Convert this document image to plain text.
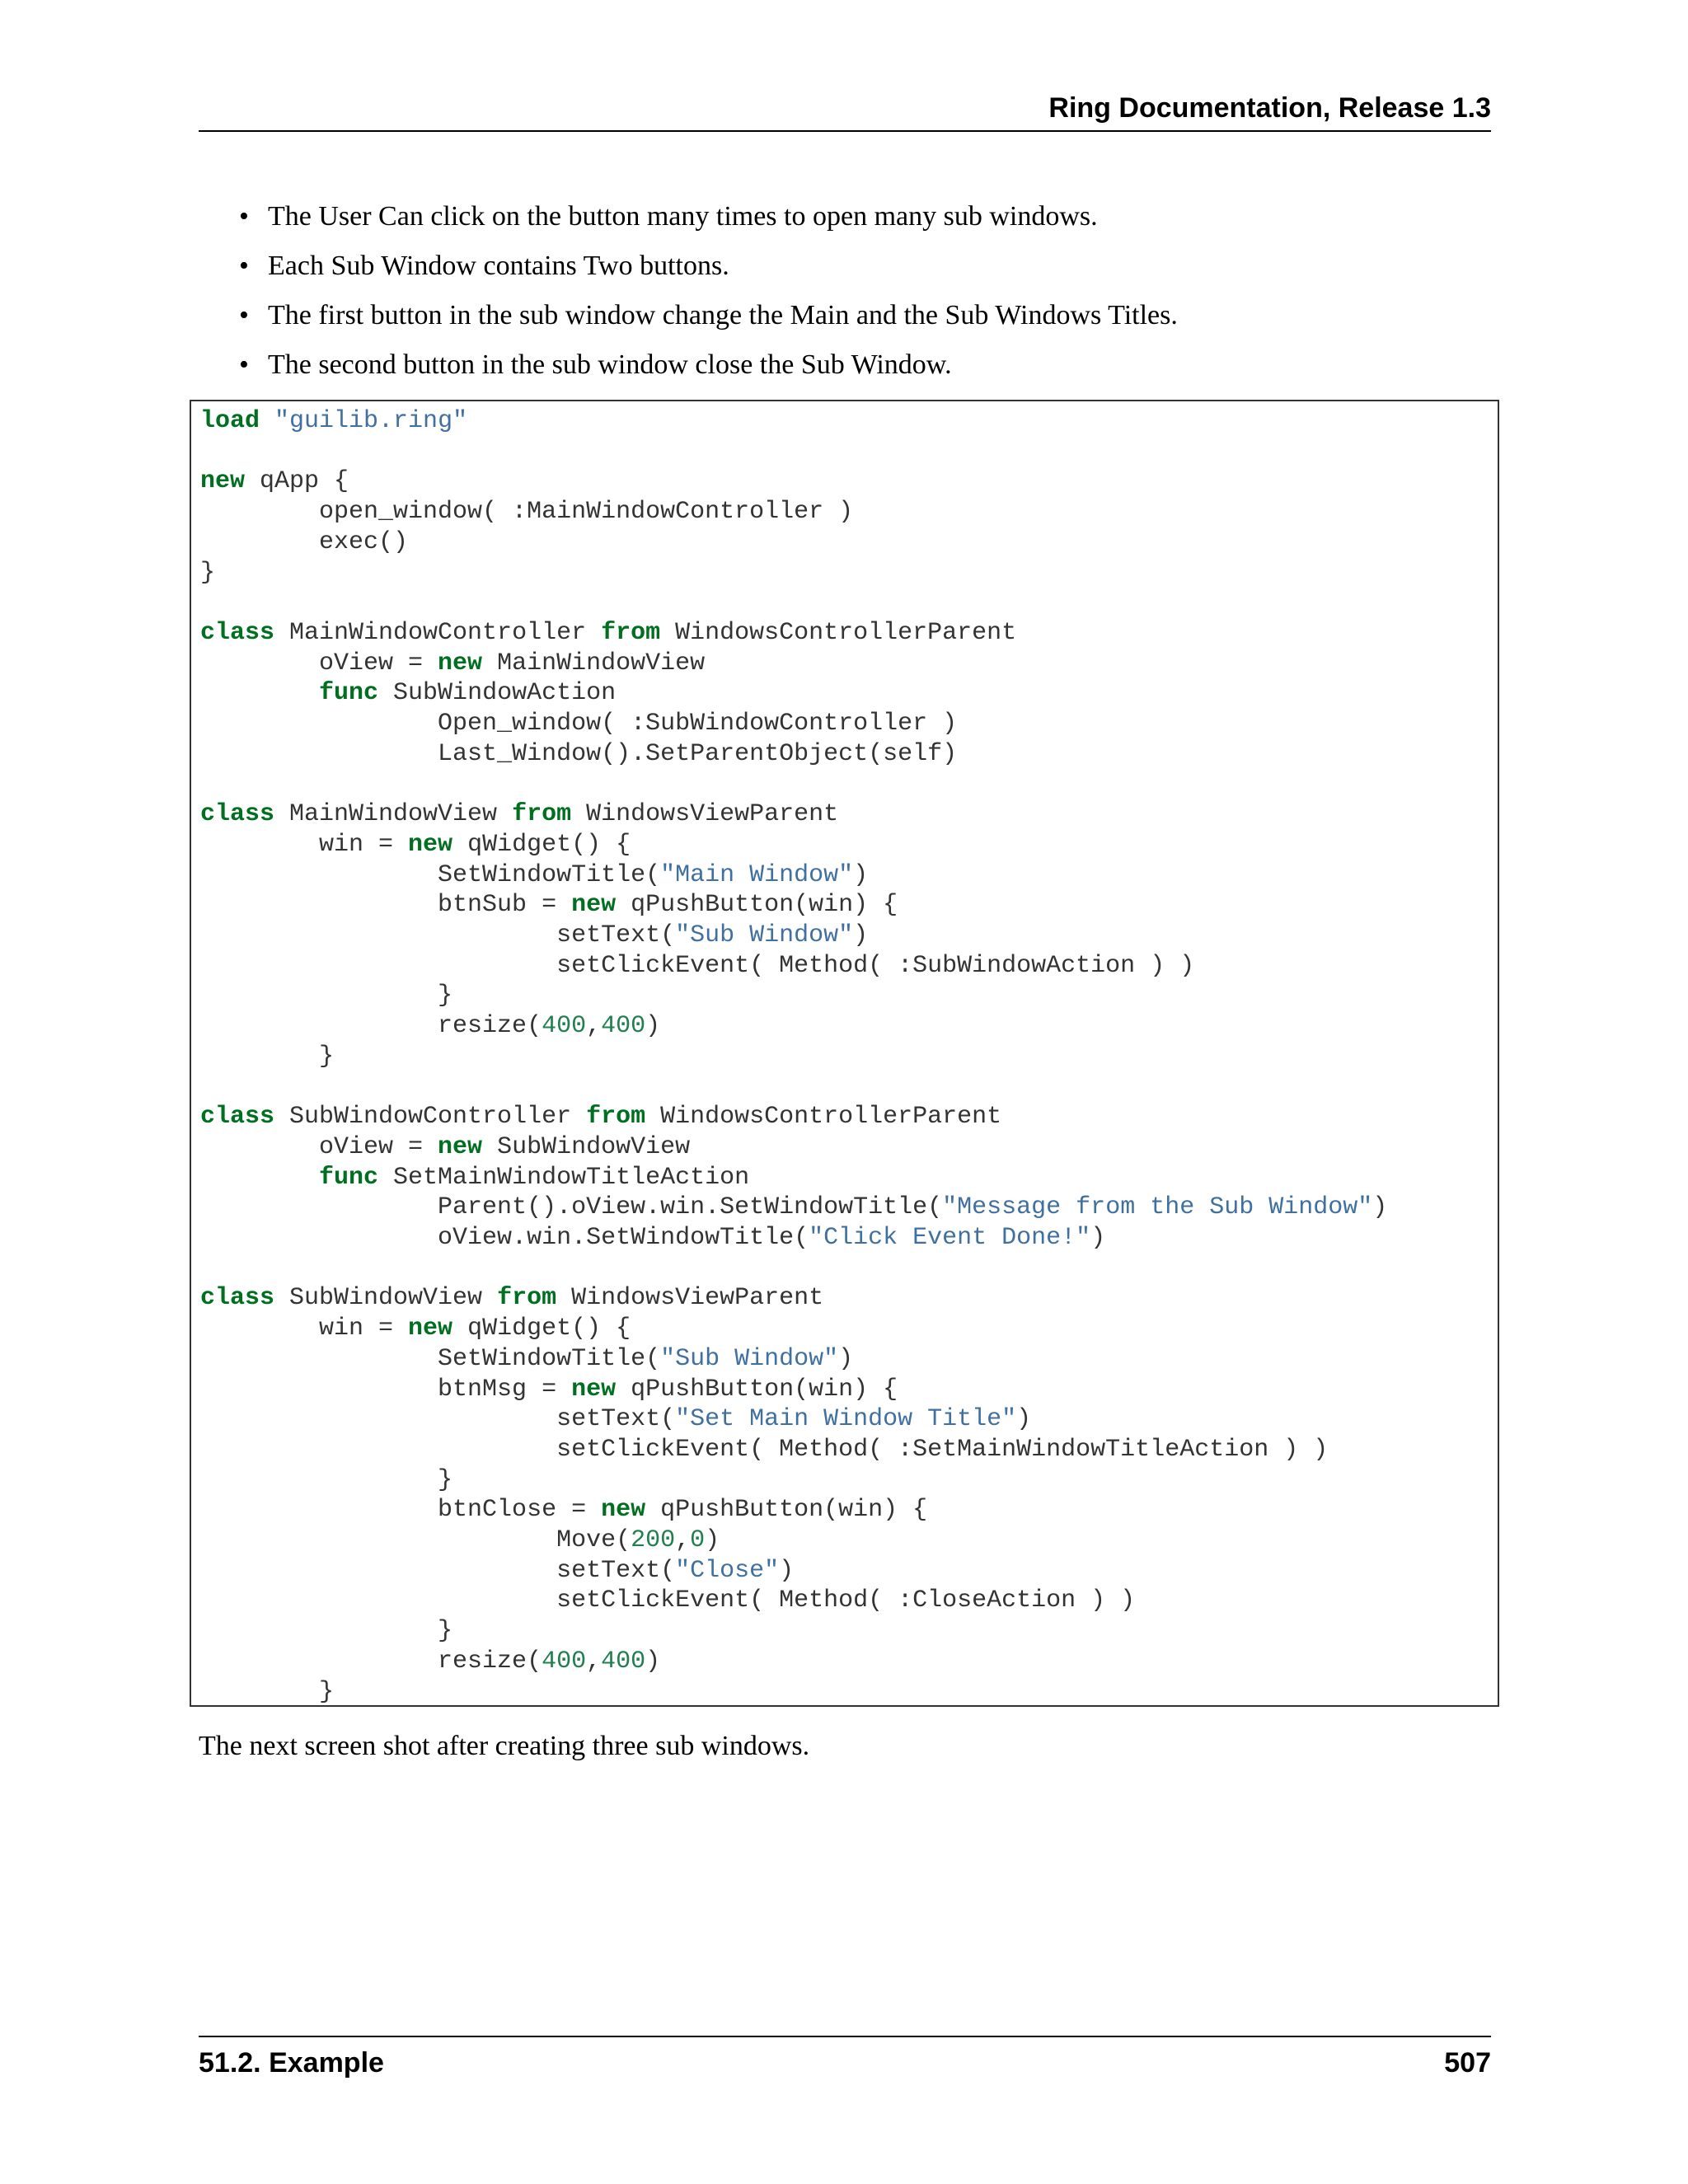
Ring Documentation, Release 1.3
• The User Can click on the button many times to open many sub windows.
• Each Sub Window contains Two buttons.
• The first button in the sub window change the Main and the Sub Windows Titles.
• The second button in the sub window close the Sub Window.
load "guilib.ring"

new qApp {
open_window( :MainWindowController )
exec()
}

class MainWindowController from WindowsControllerParent
oView = new MainWindowView
func SubWindowAction
Open_window( :SubWindowController )
Last_Window().SetParentObject(self)

class MainWindowView from WindowsViewParent
win = new qWidget() {
SetWindowTitle("Main Window")
btnSub = new qPushButton(win) {
setText("Sub Window")
setClickEvent( Method( :SubWindowAction ) )
}
resize(400,400)
}

class SubWindowController from WindowsControllerParent
oView = new SubWindowView
func SetMainWindowTitleAction
Parent().oView.win.SetWindowTitle("Message from the Sub Window")
oView.win.SetWindowTitle("Click Event Done!")

class SubWindowView from WindowsViewParent
win = new qWidget() {
SetWindowTitle("Sub Window")
btnMsg = new qPushButton(win) {
setText("Set Main Window Title")
setClickEvent( Method( :SetMainWindowTitleAction ) )
}
btnClose = new qPushButton(win) {
Move(200,0)
setText("Close")
setClickEvent( Method( :CloseAction ) )
}
resize(400,400)
}
The next screen shot after creating three sub windows.
51.2. Example	507
